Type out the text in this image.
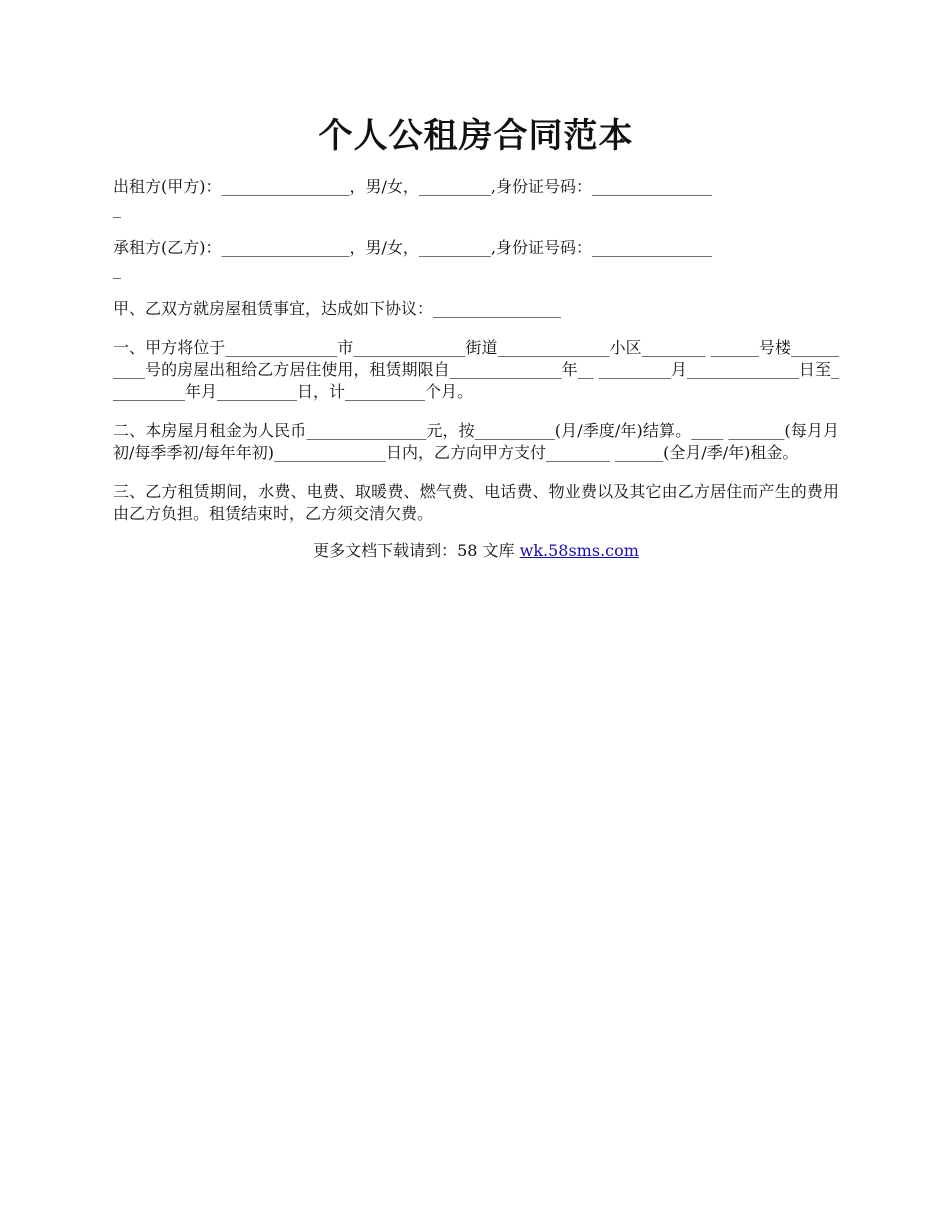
个人公租房合同范本

出租方(甲方)：________________，男/女，_________,身份证号码：_______________
_

承租方(乙方)：________________，男/女，_________,身份证号码：_______________
_

甲、乙双方就房屋租赁事宜，达成如下协议：________________

一、甲方将位于______________市______________街道______________小区________ ______号楼__________号的房屋出租给乙方居住使用，租赁期限自______________年__ _________月______________日至__________年月__________日，计__________个月。

二、本房屋月租金为人民币_______________元，按__________(月/季度/年)结算。____ _______(每月月初/每季季初/每年年初)______________日内，乙方向甲方支付________ ______(全月/季/年)租金。

三、乙方租赁期间，水费、电费、取暖费、燃气费、电话费、物业费以及其它由乙方居住而产生的费用由乙方负担。租赁结束时，乙方须交清欠费。

更多文档下载请到：58 文库 wk.58sms.com
